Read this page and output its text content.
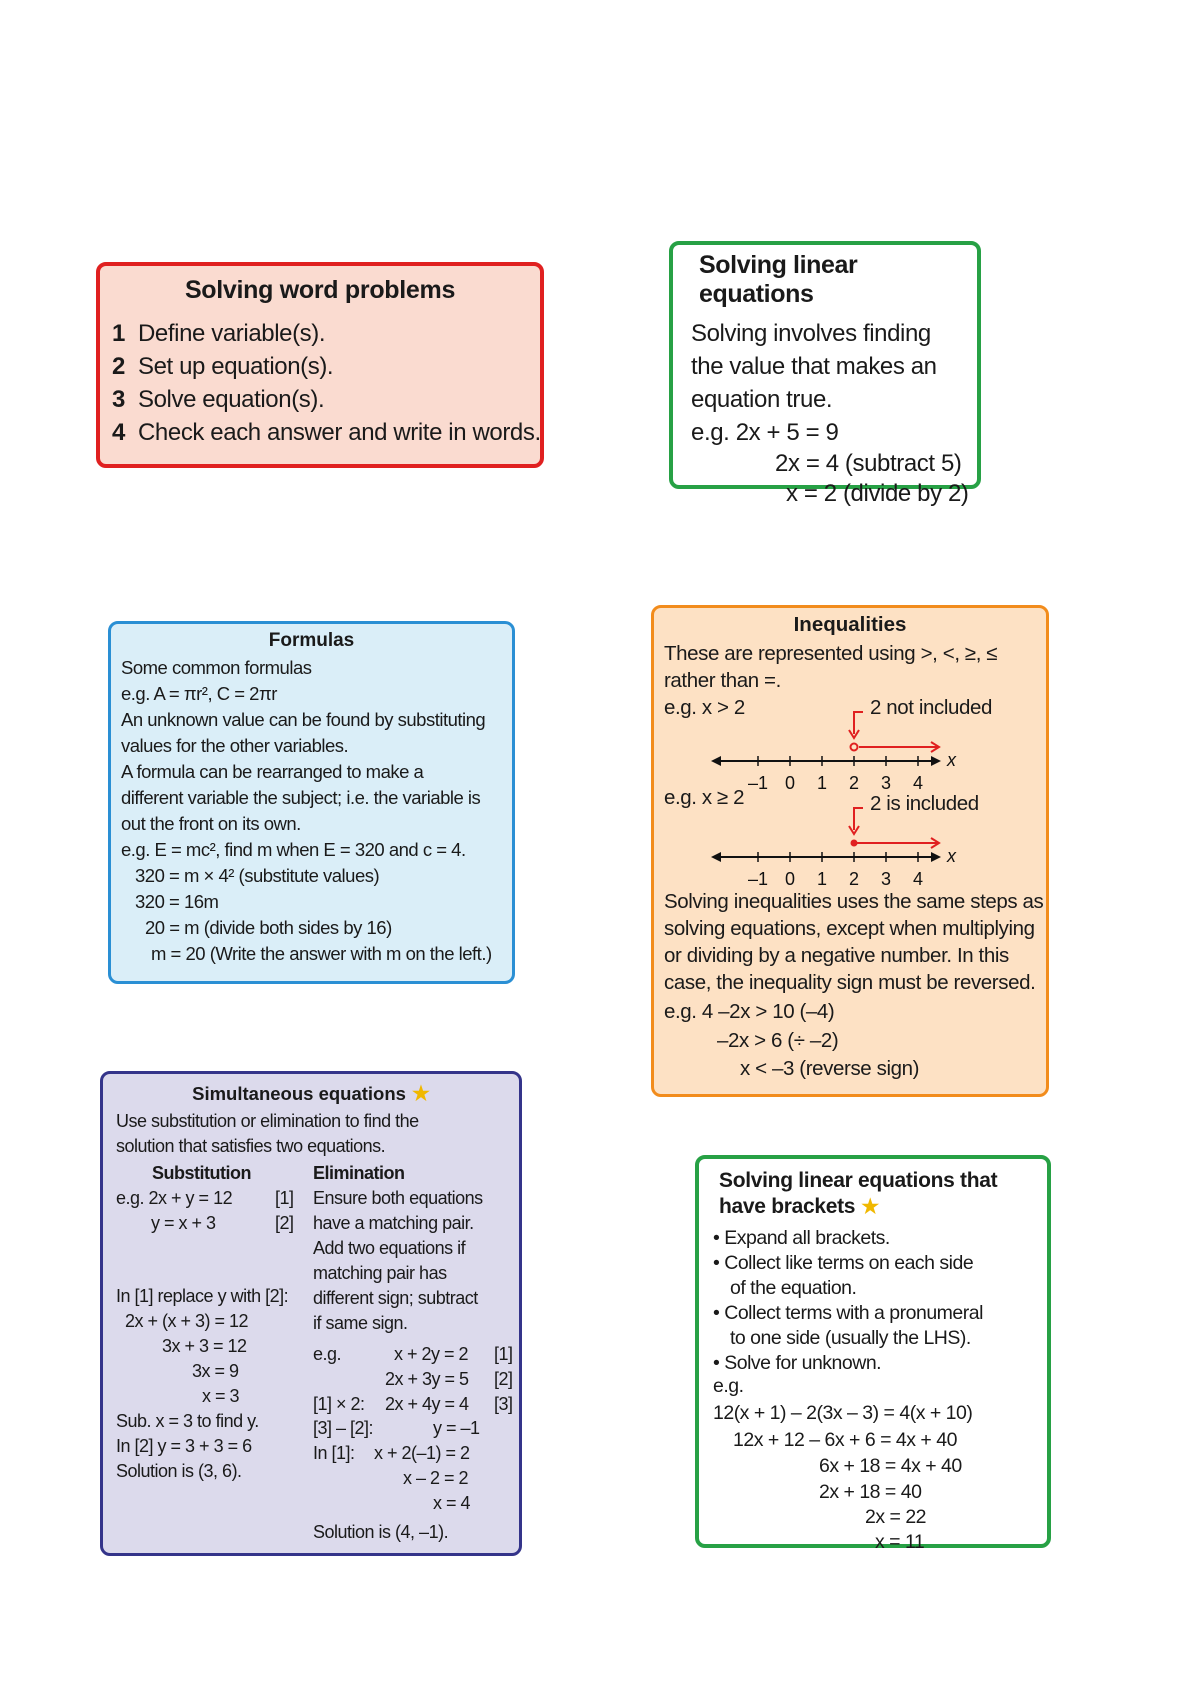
Solving word problems
1 Define variable(s).
2 Set up equation(s).
3 Solve equation(s).
4 Check each answer and write in words.
Solving linear equations
Solving involves finding
the value that makes an
equation true.
e.g. 2x + 5 = 9
2x = 4 (subtract 5)
x = 2 (divide by 2)
Formulas
Some common formulas
e.g. A = πr², C = 2πr
An unknown value can be found by substituting
values for the other variables.
A formula can be rearranged to make a
different variable the subject; i.e. the variable is
out the front on its own.
e.g. E = mc², find m when E = 320 and c = 4.
320 = m × 4² (substitute values)
320 = 16m
20 = m (divide both sides by 16)
m = 20 (Write the answer with m on the left.)
Inequalities
These are represented using >, <, ≥, ≤
rather than =.
e.g. x > 2	2 not included
x
–1 0 1 2 3 4
e.g. x ≥ 2	2 is included
x
–1 0 1 2 3 4
Solving inequalities uses the same steps as
solving equations, except when multiplying
or dividing by a negative number. In this
case, the inequality sign must be reversed.
e.g. 4 –2x > 10 (–4)
–2x > 6 (÷ –2)
x < –3 (reverse sign)
Simultaneous equations ★
Use substitution or elimination to find the
solution that satisfies two equations.
Substitution	Elimination
e.g. 2x + y = 12 [1]
y = x + 3	[2]
In [1] replace y with [2]:
2x + (x + 3) = 12
3x + 3 = 12
3x = 9
x = 3
Sub. x = 3 to find y.
In [2] y = 3 + 3 = 6
Solution is (3, 6).
Ensure both equations
have a matching pair.
Add two equations if
matching pair has
different sign; subtract
if same sign.
e.g.	x + 2y = 2 [1]
2x + 3y = 5 [2]
[1] × 2: 2x + 4y = 4 [3]
[3] – [2]:	y = –1
In [1]: x + 2(–1) = 2
x – 2 = 2
x = 4
Solution is (4, –1).
Solving linear equations that have brackets ★
• Expand all brackets.
• Collect like terms on each side
of the equation.
• Collect terms with a pronumeral
to one side (usually the LHS).
• Solve for unknown.
e.g.
12(x + 1) – 2(3x – 3) = 4(x + 10)
12x + 12 – 6x + 6 = 4x + 40
6x + 18 = 4x + 40
2x + 18 = 40
2x = 22
x = 11
